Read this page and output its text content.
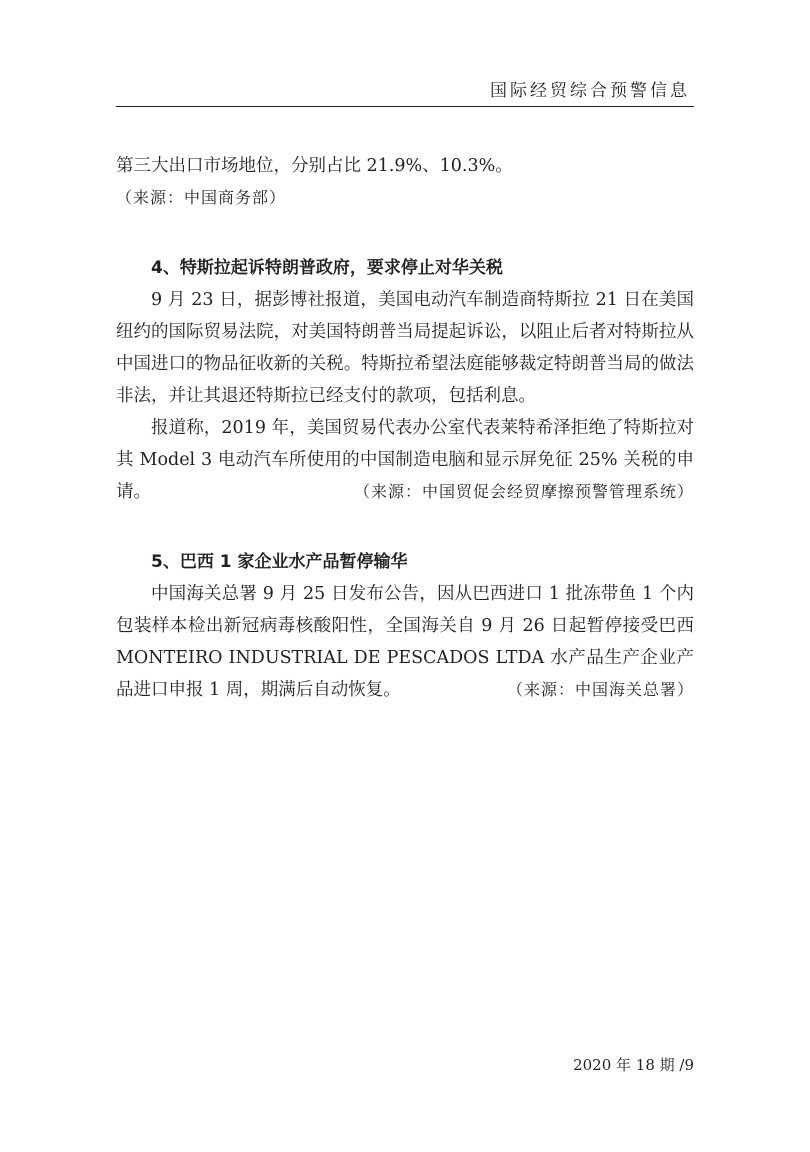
国际经贸综合预警信息

第三大出口市场地位，分别占比 21.9%、10.3%。

（来源：中国商务部）

4、特斯拉起诉特朗普政府，要求停止对华关税

9 月 23 日，据彭博社报道，美国电动汽车制造商特斯拉 21 日在美国纽约的国际贸易法院，对美国特朗普当局提起诉讼，以阻止后者对特斯拉从中国进口的物品征收新的关税。特斯拉希望法庭能够裁定特朗普当局的做法非法，并让其退还特斯拉已经支付的款项，包括利息。

报道称，2019 年，美国贸易代表办公室代表莱特希泽拒绝了特斯拉对其 Model 3 电动汽车所使用的中国制造电脑和显示屏免征 25% 关税的申请。	（来源：中国贸促会经贸摩擦预警管理系统）

5、巴西 1 家企业水产品暂停输华

中国海关总署 9 月 25 日发布公告，因从巴西进口 1 批冻带鱼 1 个内包装样本检出新冠病毒核酸阳性，全国海关自 9 月 26 日起暂停接受巴西 MONTEIRO INDUSTRIAL DE PESCADOS LTDA 水产品生产企业产品进口申报 1 周，期满后自动恢复。	（来源：中国海关总署）

2020 年 18 期 /9
